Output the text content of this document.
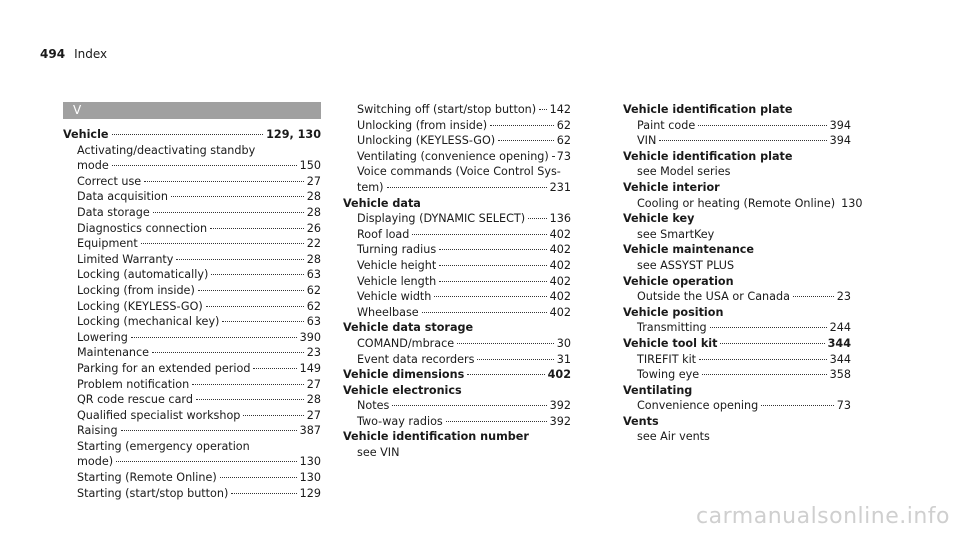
494 Index
V
Vehicle	129, 130
Activating/deactivating standby
mode	150
Correct use	27
Data acquisition	28
Data storage	28
Diagnostics connection	26
Equipment	22
Limited Warranty	28
Locking (automatically)	63
Locking (from inside)	62
Locking (KEYLESS-GO)	62
Locking (mechanical key)	63
Lowering	390
Maintenance	23
Parking for an extended period	149
Problem notification	27
QR code rescue card	28
Qualified specialist workshop	27
Raising	387
Starting (emergency operation
mode)	130
Starting (Remote Online)	130
Starting (start/stop button)	129
Switching off (start/stop button) 142
Unlocking (from inside)	62
Unlocking (KEYLESS-GO)	62
Ventilating (convenience opening) 73
Voice commands (Voice Control Sys-
tem)	231
Vehicle data
Displaying (DYNAMIC SELECT) 136
Roof load	402
Turning radius	402
Vehicle height	402
Vehicle length	402
Vehicle width	402
Wheelbase	402
Vehicle data storage
COMAND/mbrace	30
Event data recorders	31
Vehicle dimensions	402
Vehicle electronics
Notes	392
Two-way radios	392
Vehicle identification number
see VIN
Vehicle identification plate
Paint code	394
VIN	394
Vehicle identification plate
see Model series
Vehicle interior
Cooling or heating (Remote Online) 130
Vehicle key
see SmartKey
Vehicle maintenance
see ASSYST PLUS
Vehicle operation
Outside the USA or Canada	23
Vehicle position
Transmitting	244
Vehicle tool kit	344
TIREFIT kit	344
Towing eye	358
Ventilating
Convenience opening	73
Vents
see Air vents
carmanualsonline.info
